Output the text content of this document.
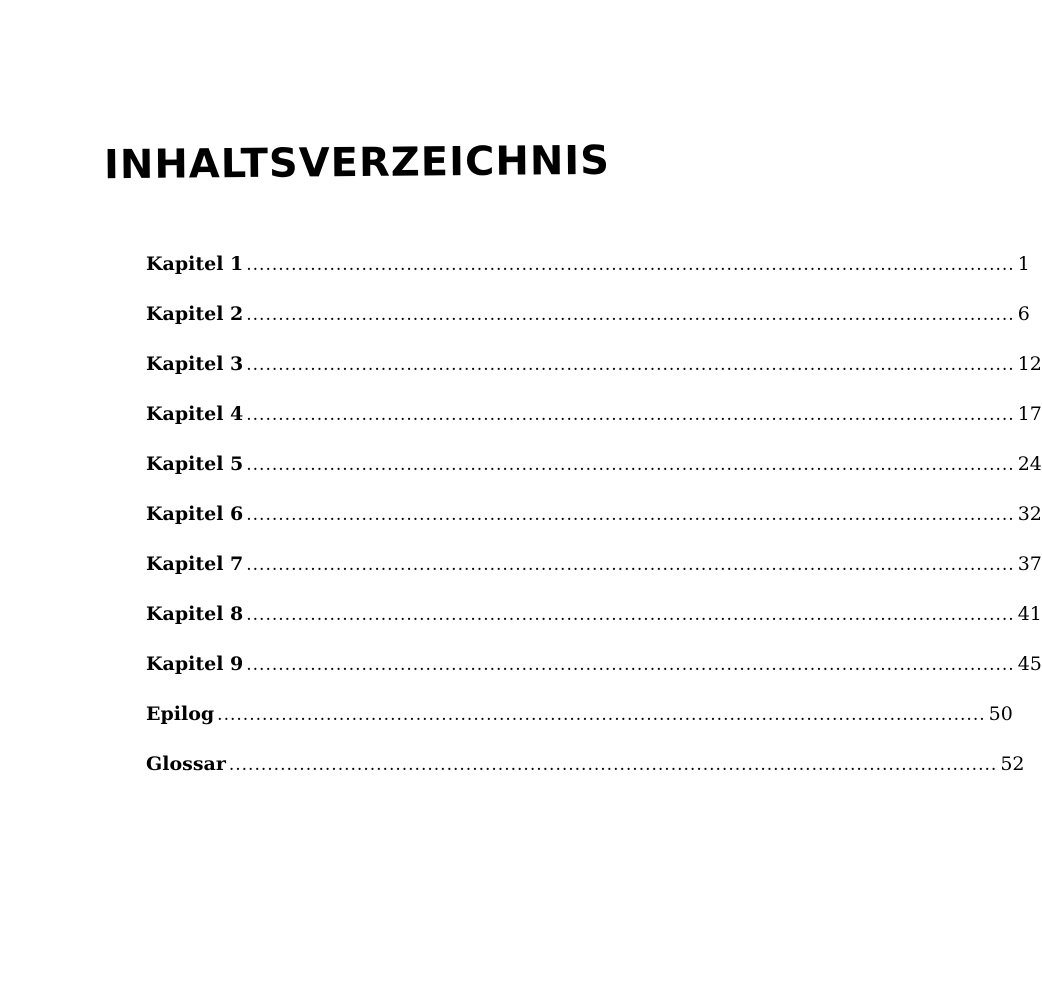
INHALTSVERZEICHNIS
Kapitel 1 ........................................................................................................................ 1
Kapitel 2 ........................................................................................................................ 6
Kapitel 3 ........................................................................................................................ 12
Kapitel 4 ........................................................................................................................ 17
Kapitel 5 ........................................................................................................................ 24
Kapitel 6 ........................................................................................................................ 32
Kapitel 7 ........................................................................................................................ 37
Kapitel 8 ........................................................................................................................ 41
Kapitel 9 ........................................................................................................................ 45
Epilog ........................................................................................................................ 50
Glossar ........................................................................................................................ 52
